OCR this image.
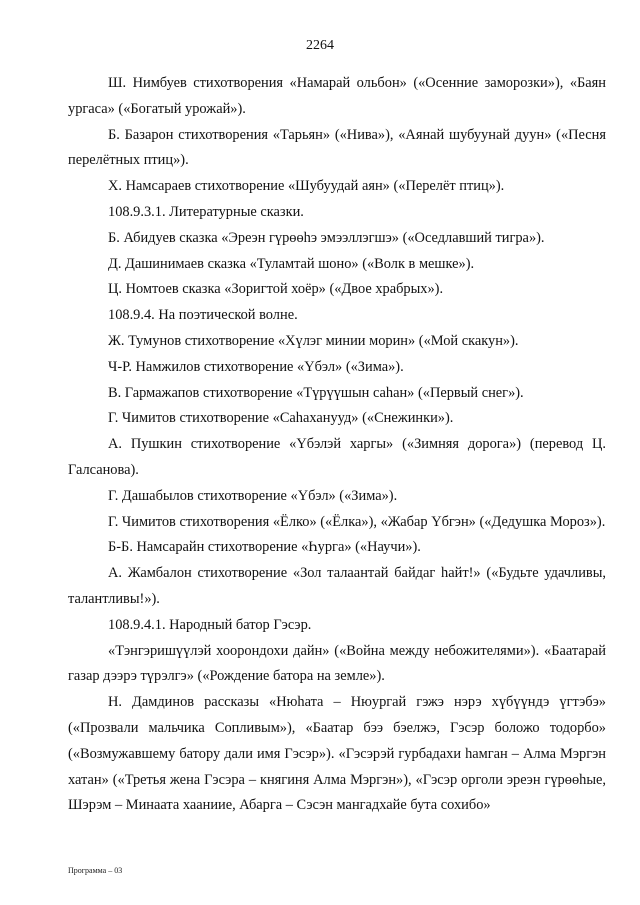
2264

Ш. Нимбуев стихотворения «Намарай ольбон» («Осенние заморозки»), «Баян ургаса» («Богатый урожай»).

Б. Базарон стихотворения «Тарьян» («Нива»), «Аянай шубуунай дуун» («Песня перелётных птиц»).

Х. Намсараев стихотворение «Шубуудай аян» («Перелёт птиц»).

108.9.3.1. Литературные сказки.

Б. Абидуев сказка «Эреэн гүрөөһэ эмээллэгшэ» («Оседлавший тигра»).

Д. Дашинимаев сказка «Туламтай шоно» («Волк в мешке»).

Ц. Номтоев сказка «Зоригтой хоёр» («Двое храбрых»).

108.9.4. На поэтической волне.

Ж. Тумунов стихотворение «Хүлэг минии морин» («Мой скакун»).

Ч-Р. Намжилов стихотворение «Үбэл» («Зима»).

В. Гармажапов стихотворение «Түрүүшын саһан» («Первый снег»).

Г. Чимитов стихотворение «Саһаханууд» («Снежинки»).

А. Пушкин стихотворение «Үбэлэй харгы» («Зимняя дорога») (перевод Ц. Галсанова).

Г. Дашабылов стихотворение «Үбэл» («Зима»).

Г. Чимитов стихотворения «Ёлко» («Ёлка»), «Жабар Үбгэн» («Дедушка Мороз»).

Б-Б. Намсарайн стихотворение «Һурга» («Научи»).

А. Жамбалон стихотворение «Зол талаантай байдаг һайт!» («Будьте удачливы, талантливы!»).

108.9.4.1. Народный батор Гэсэр.

«Тэнгэришүүлэй хоорондохи дайн» («Война между небожителями»). «Баатарай газар дээрэ түрэлгэ» («Рождение батора на земле»).

Н. Дамдинов рассказы «Нюһата – Нюургай гэжэ нэрэ хүбүүндэ үгтэбэ» («Прозвали мальчика Сопливым»), «Баатар бээ бэелжэ, Гэсэр боложо тодорбо» («Возмужавшему батору дали имя Гэсэр»). «Гэсэрэй гурбадахи һамган – Алма Мэргэн хатан» («Третья жена Гэсэра – княгиня Алма Мэргэн»), «Гэсэр орголи эреэн гүрөөһые, Шэрэм – Минаата хааниие, Абарга – Сэсэн мангадхайе бута сохибо»

Программа – 03
